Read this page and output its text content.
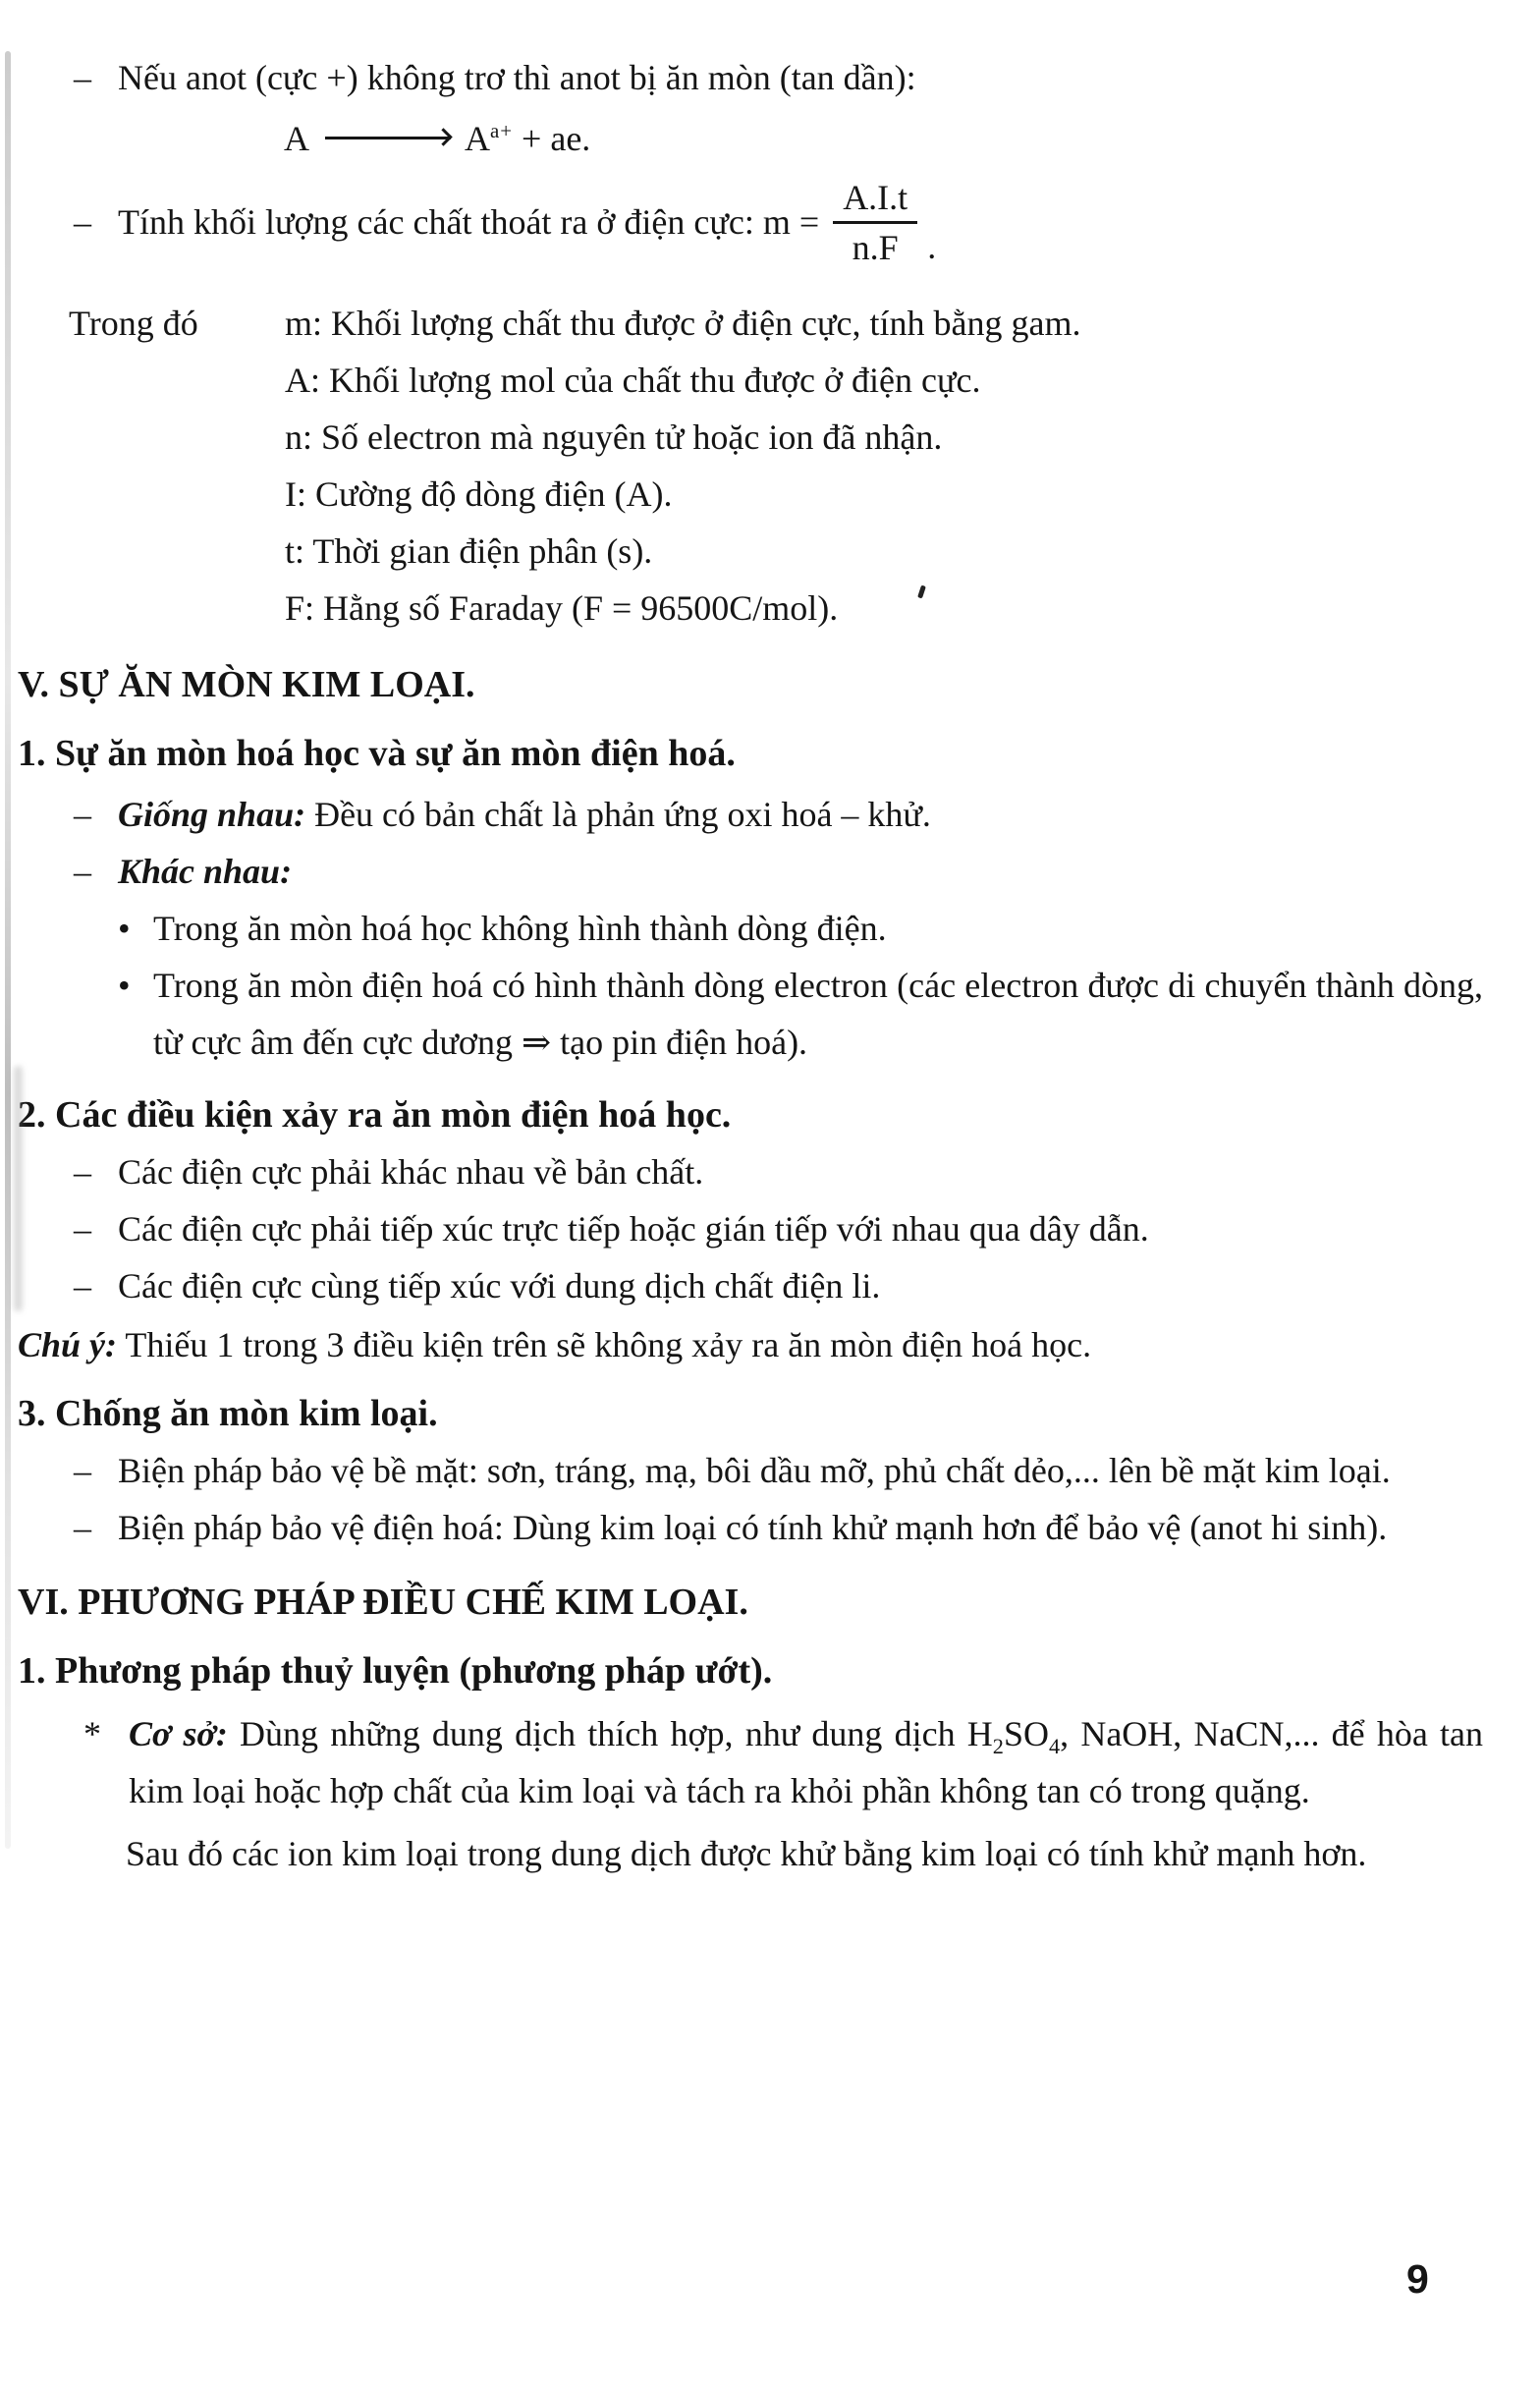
– Nếu anot (cực +) không trơ thì anot bị ăn mòn (tan dần):

A	$A^{a+}$ + ae.

– Tính khối lượng các chất thoát ra ở điện cực: $m = \frac{A.I.t}{n.F}$ .

Trong đó m: Khối lượng chất thu được ở điện cực, tính bằng gam.

A: Khối lượng mol của chất thu được ở điện cực.

n: Số electron mà nguyên tử hoặc ion đã nhận.

I: Cường độ dòng điện (A).

t: Thời gian điện phân (s).

F: Hằng số Faraday (F = 96500C/mol).

V. SỰ ĂN MÒN KIM LOẠI.

1. Sự ăn mòn hoá học và sự ăn mòn điện hoá.

– Giống nhau: Đều có bản chất là phản ứng oxi hoá – khử.

– Khác nhau:

• Trong ăn mòn hoá học không hình thành dòng điện.

• Trong ăn mòn điện hoá có hình thành dòng electron (các electron được di chuyển thành dòng, từ cực âm đến cực dương ⇒ tạo pin điện hoá).

2. Các điều kiện xảy ra ăn mòn điện hoá học.

– Các điện cực phải khác nhau về bản chất.

– Các điện cực phải tiếp xúc trực tiếp hoặc gián tiếp với nhau qua dây dẫn.

– Các điện cực cùng tiếp xúc với dung dịch chất điện li.

Chú ý: Thiếu 1 trong 3 điều kiện trên sẽ không xảy ra ăn mòn điện hoá học.

3. Chống ăn mòn kim loại.

– Biện pháp bảo vệ bề mặt: sơn, tráng, mạ, bôi dầu mỡ, phủ chất dẻo,... lên bề mặt kim loại.

– Biện pháp bảo vệ điện hoá: Dùng kim loại có tính khử mạnh hơn để bảo vệ (anot hi sinh).

VI. PHƯƠNG PHÁP ĐIỀU CHẾ KIM LOẠI.

1. Phương pháp thuỷ luyện (phương pháp ướt).

* Cơ sở: Dùng những dung dịch thích hợp, như dung dịch $H_2SO_4$, NaOH, NaCN,... để hòa tan kim loại hoặc hợp chất của kim loại và tách ra khỏi phần không tan có trong quặng.

Sau đó các ion kim loại trong dung dịch được khử bằng kim loại có tính khử mạnh hơn.

9
